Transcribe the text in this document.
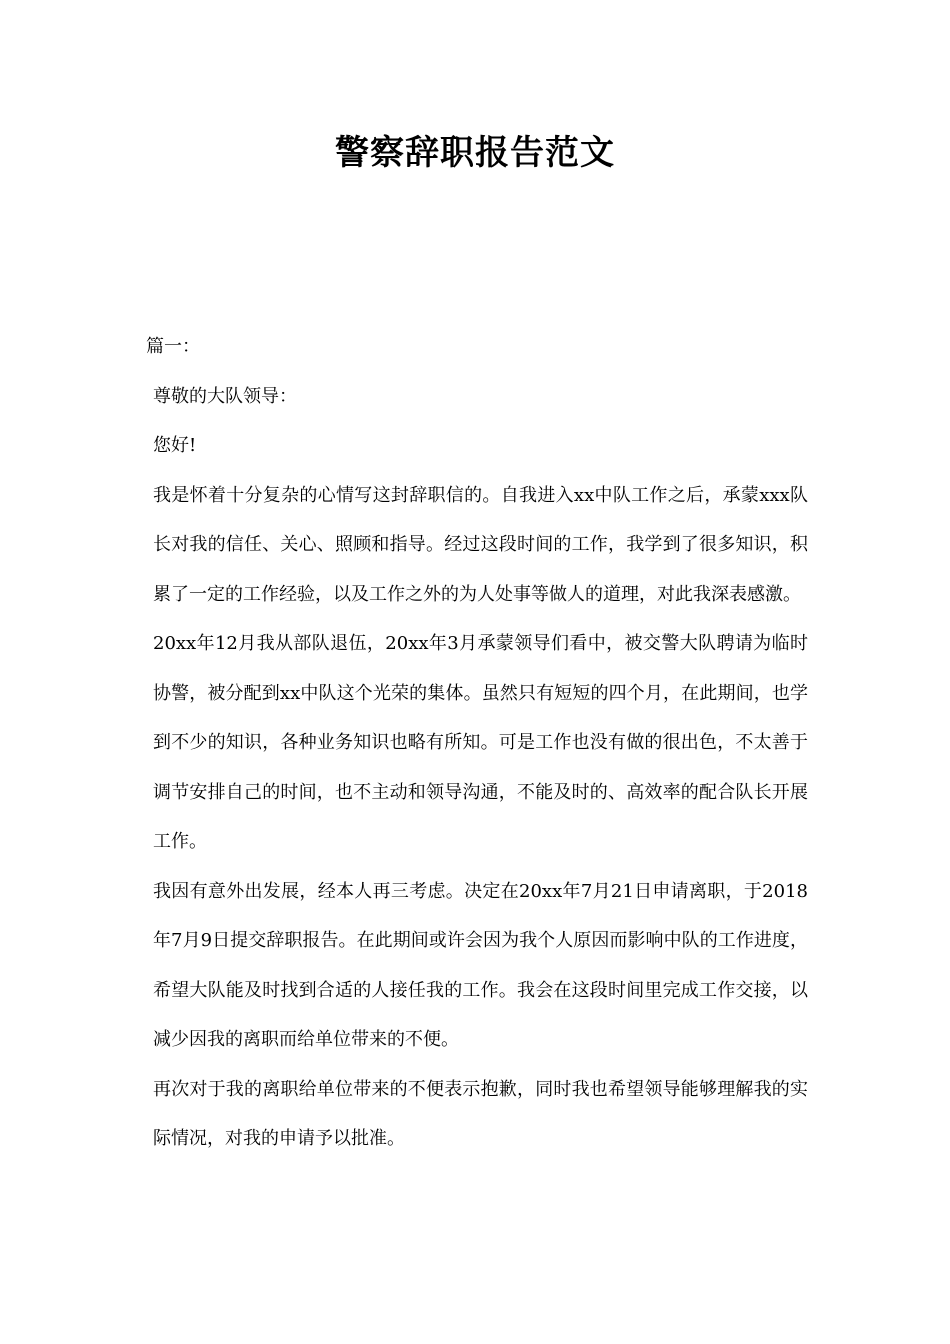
警察辞职报告范文

篇一：

尊敬的大队领导：

您好!

我是怀着十分复杂的心情写这封辞职信的。自我进入xx中队工作之后，承蒙xxx队长对我的信任、关心、照顾和指导。经过这段时间的工作，我学到了很多知识，积累了一定的工作经验，以及工作之外的为人处事等做人的道理，对此我深表感激。

20xx年12月我从部队退伍，20xx年3月承蒙领导们看中，被交警大队聘请为临时协警，被分配到xx中队这个光荣的集体。虽然只有短短的四个月，在此期间，也学到不少的知识，各种业务知识也略有所知。可是工作也没有做的很出色，不太善于调节安排自己的时间，也不主动和领导沟通，不能及时的、高效率的配合队长开展工作。

我因有意外出发展，经本人再三考虑。决定在20xx年7月21日申请离职，于2018年7月9日提交辞职报告。在此期间或许会因为我个人原因而影响中队的工作进度，希望大队能及时找到合适的人接任我的工作。我会在这段时间里完成工作交接，以减少因我的离职而给单位带来的不便。

再次对于我的离职给单位带来的不便表示抱歉，同时我也希望领导能够理解我的实际情况，对我的申请予以批准。
